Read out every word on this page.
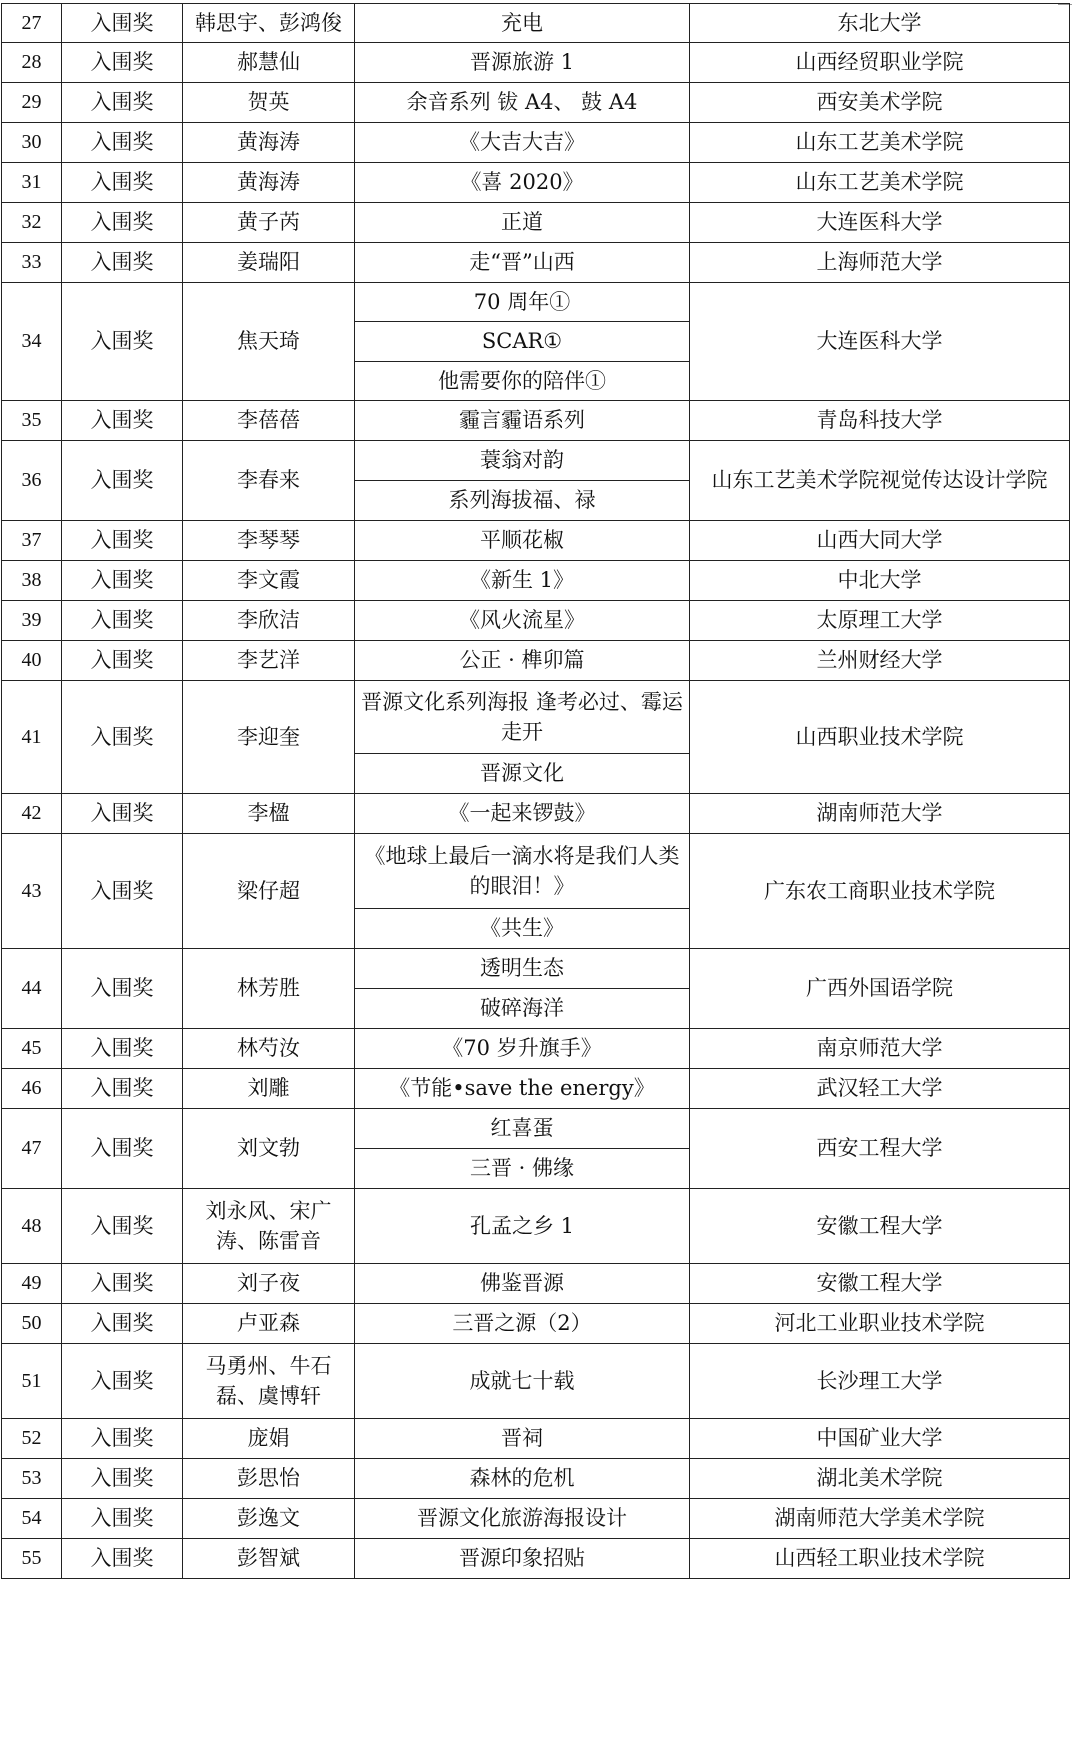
27	入围奖	韩思宇、彭鸿俊	充电	东北大学
28	入围奖	郝慧仙	晋源旅游 1	山西经贸职业学院
29	入围奖	贺英	余音系列 钹 A4、 鼓 A4	西安美术学院
30	入围奖	黄海涛	《大吉大吉》	山东工艺美术学院
31	入围奖	黄海涛	《喜 2020》	山东工艺美术学院
32	入围奖	黄子芮	正道	大连医科大学
33	入围奖	姜瑞阳	走“晋”山西	上海师范大学
34	入围奖	焦天琦	70 周年①	大连医科大学
			SCAR①	
			他需要你的陪伴①	
35	入围奖	李蓓蓓	霾言霾语系列	青岛科技大学
36	入围奖	李春来	蓑翁对韵	山东工艺美术学院视觉传达设计学院
			系列海拔福、禄	
37	入围奖	李琴琴	平顺花椒	山西大同大学
38	入围奖	李文霞	《新生 1》	中北大学
39	入围奖	李欣洁	《风火流星》	太原理工大学
40	入围奖	李艺洋	公正 · 榫卯篇	兰州财经大学
41	入围奖	李迎奎	晋源文化系列海报 逢考必过、霉运走开	山西职业技术学院
			晋源文化	
42	入围奖	李楹	《一起来锣鼓》	湖南师范大学
43	入围奖	梁仔超	《地球上最后一滴水将是我们人类的眼泪！》	广东农工商职业技术学院
			《共生》	
44	入围奖	林芳胜	透明生态	广西外国语学院
			破碎海洋	
45	入围奖	林芍汝	《70 岁升旗手》	南京师范大学
46	入围奖	刘雕	《节能•save the energy》	武汉轻工大学
47	入围奖	刘文勃	红喜蛋	西安工程大学
			三晋 · 佛缘	
48	入围奖	刘永风、宋广涛、陈雷音	孔孟之乡 1	安徽工程大学
49	入围奖	刘子夜	佛鉴晋源	安徽工程大学
50	入围奖	卢亚森	三晋之源（2）	河北工业职业技术学院
51	入围奖	马勇州、牛石磊、虞博轩	成就七十载	长沙理工大学
52	入围奖	庞娟	晋祠	中国矿业大学
53	入围奖	彭思怡	森林的危机	湖北美术学院
54	入围奖	彭逸文	晋源文化旅游海报设计	湖南师范大学美术学院
55	入围奖	彭智斌	晋源印象招贴	山西轻工职业技术学院
